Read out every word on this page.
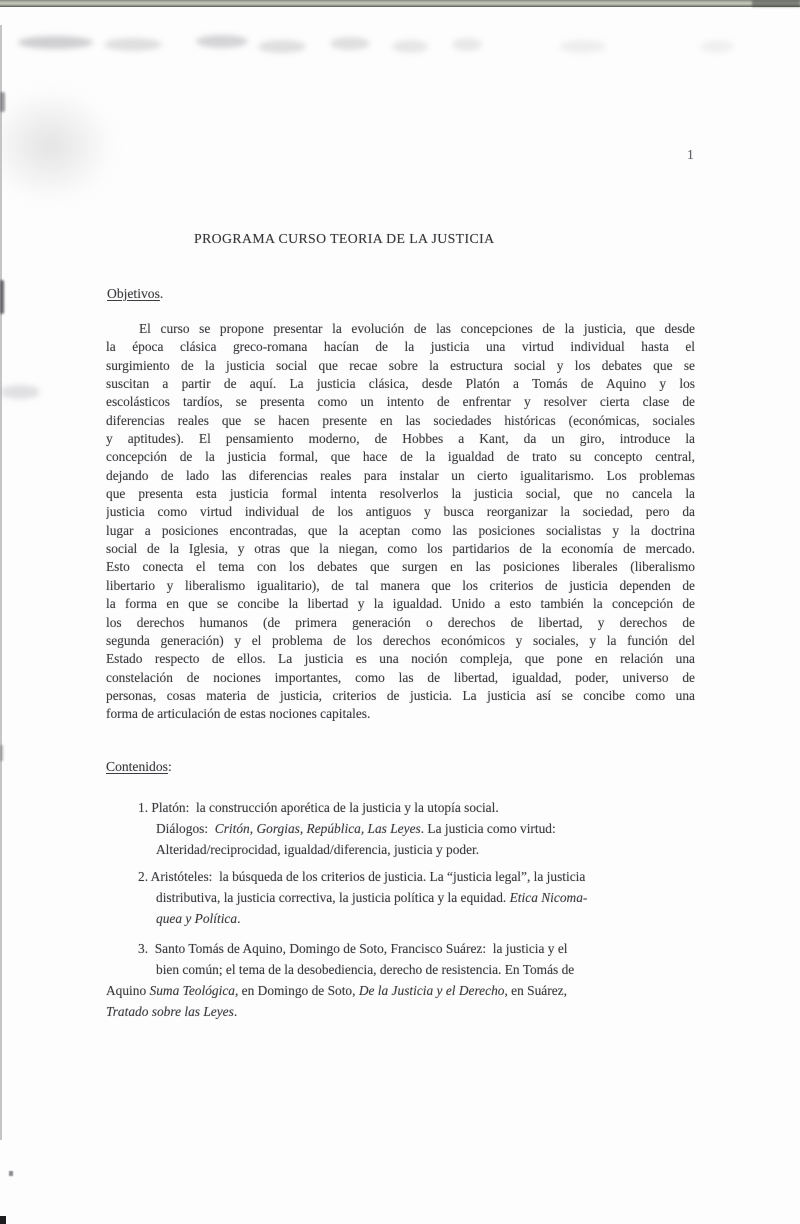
1
PROGRAMA CURSO TEORIA DE LA JUSTICIA
Objetivos.
El curso se propone presentar la evolución de las concepciones de la justicia, que desde
la época clásica greco-romana hacían de la justicia una virtud individual hasta el
surgimiento de la justicia social que recae sobre la estructura social y los debates que se
suscitan a partir de aquí. La justicia clásica, desde Platón a Tomás de Aquino y los
escolásticos tardíos, se presenta como un intento de enfrentar y resolver cierta clase de
diferencias reales que se hacen presente en las sociedades históricas (económicas, sociales
y aptitudes). El pensamiento moderno, de Hobbes a Kant, da un giro, introduce la
concepción de la justicia formal, que hace de la igualdad de trato su concepto central,
dejando de lado las diferencias reales para instalar un cierto igualitarismo. Los problemas
que presenta esta justicia formal intenta resolverlos la justicia social, que no cancela la
justicia como virtud individual de los antiguos y busca reorganizar la sociedad, pero da
lugar a posiciones encontradas, que la aceptan como las posiciones socialistas y la doctrina
social de la Iglesia, y otras que la niegan, como los partidarios de la economía de mercado.
Esto conecta el tema con los debates que surgen en las posiciones liberales (liberalismo
libertario y liberalismo igualitario), de tal manera que los criterios de justicia dependen de
la forma en que se concibe la libertad y la igualdad. Unido a esto también la concepción de
los derechos humanos (de primera generación o derechos de libertad, y derechos de
segunda generación) y el problema de los derechos económicos y sociales, y la función del
Estado respecto de ellos. La justicia es una noción compleja, que pone en relación una
constelación de nociones importantes, como las de libertad, igualdad, poder, universo de
personas, cosas materia de justicia, criterios de justicia. La justicia así se concibe como una
forma de articulación de estas nociones capitales.
Contenidos:
1. Platón:  la construcción aporética de la justicia y la utopía social.
Diálogos:  Critón, Gorgias, República, Las Leyes. La justicia como virtud:
Alteridad/reciprocidad, igualdad/diferencia, justicia y poder.
2. Aristóteles:  la búsqueda de los criterios de justicia. La “justicia legal”, la justicia
distributiva, la justicia correctiva, la justicia política y la equidad. Etica Nicoma-
quea y Política.
3.  Santo Tomás de Aquino, Domingo de Soto, Francisco Suárez:  la justicia y el
bien común; el tema de la desobediencia, derecho de resistencia. En Tomás de
Aquino Suma Teológica, en Domingo de Soto, De la Justicia y el Derecho, en Suárez,
Tratado sobre las Leyes.
